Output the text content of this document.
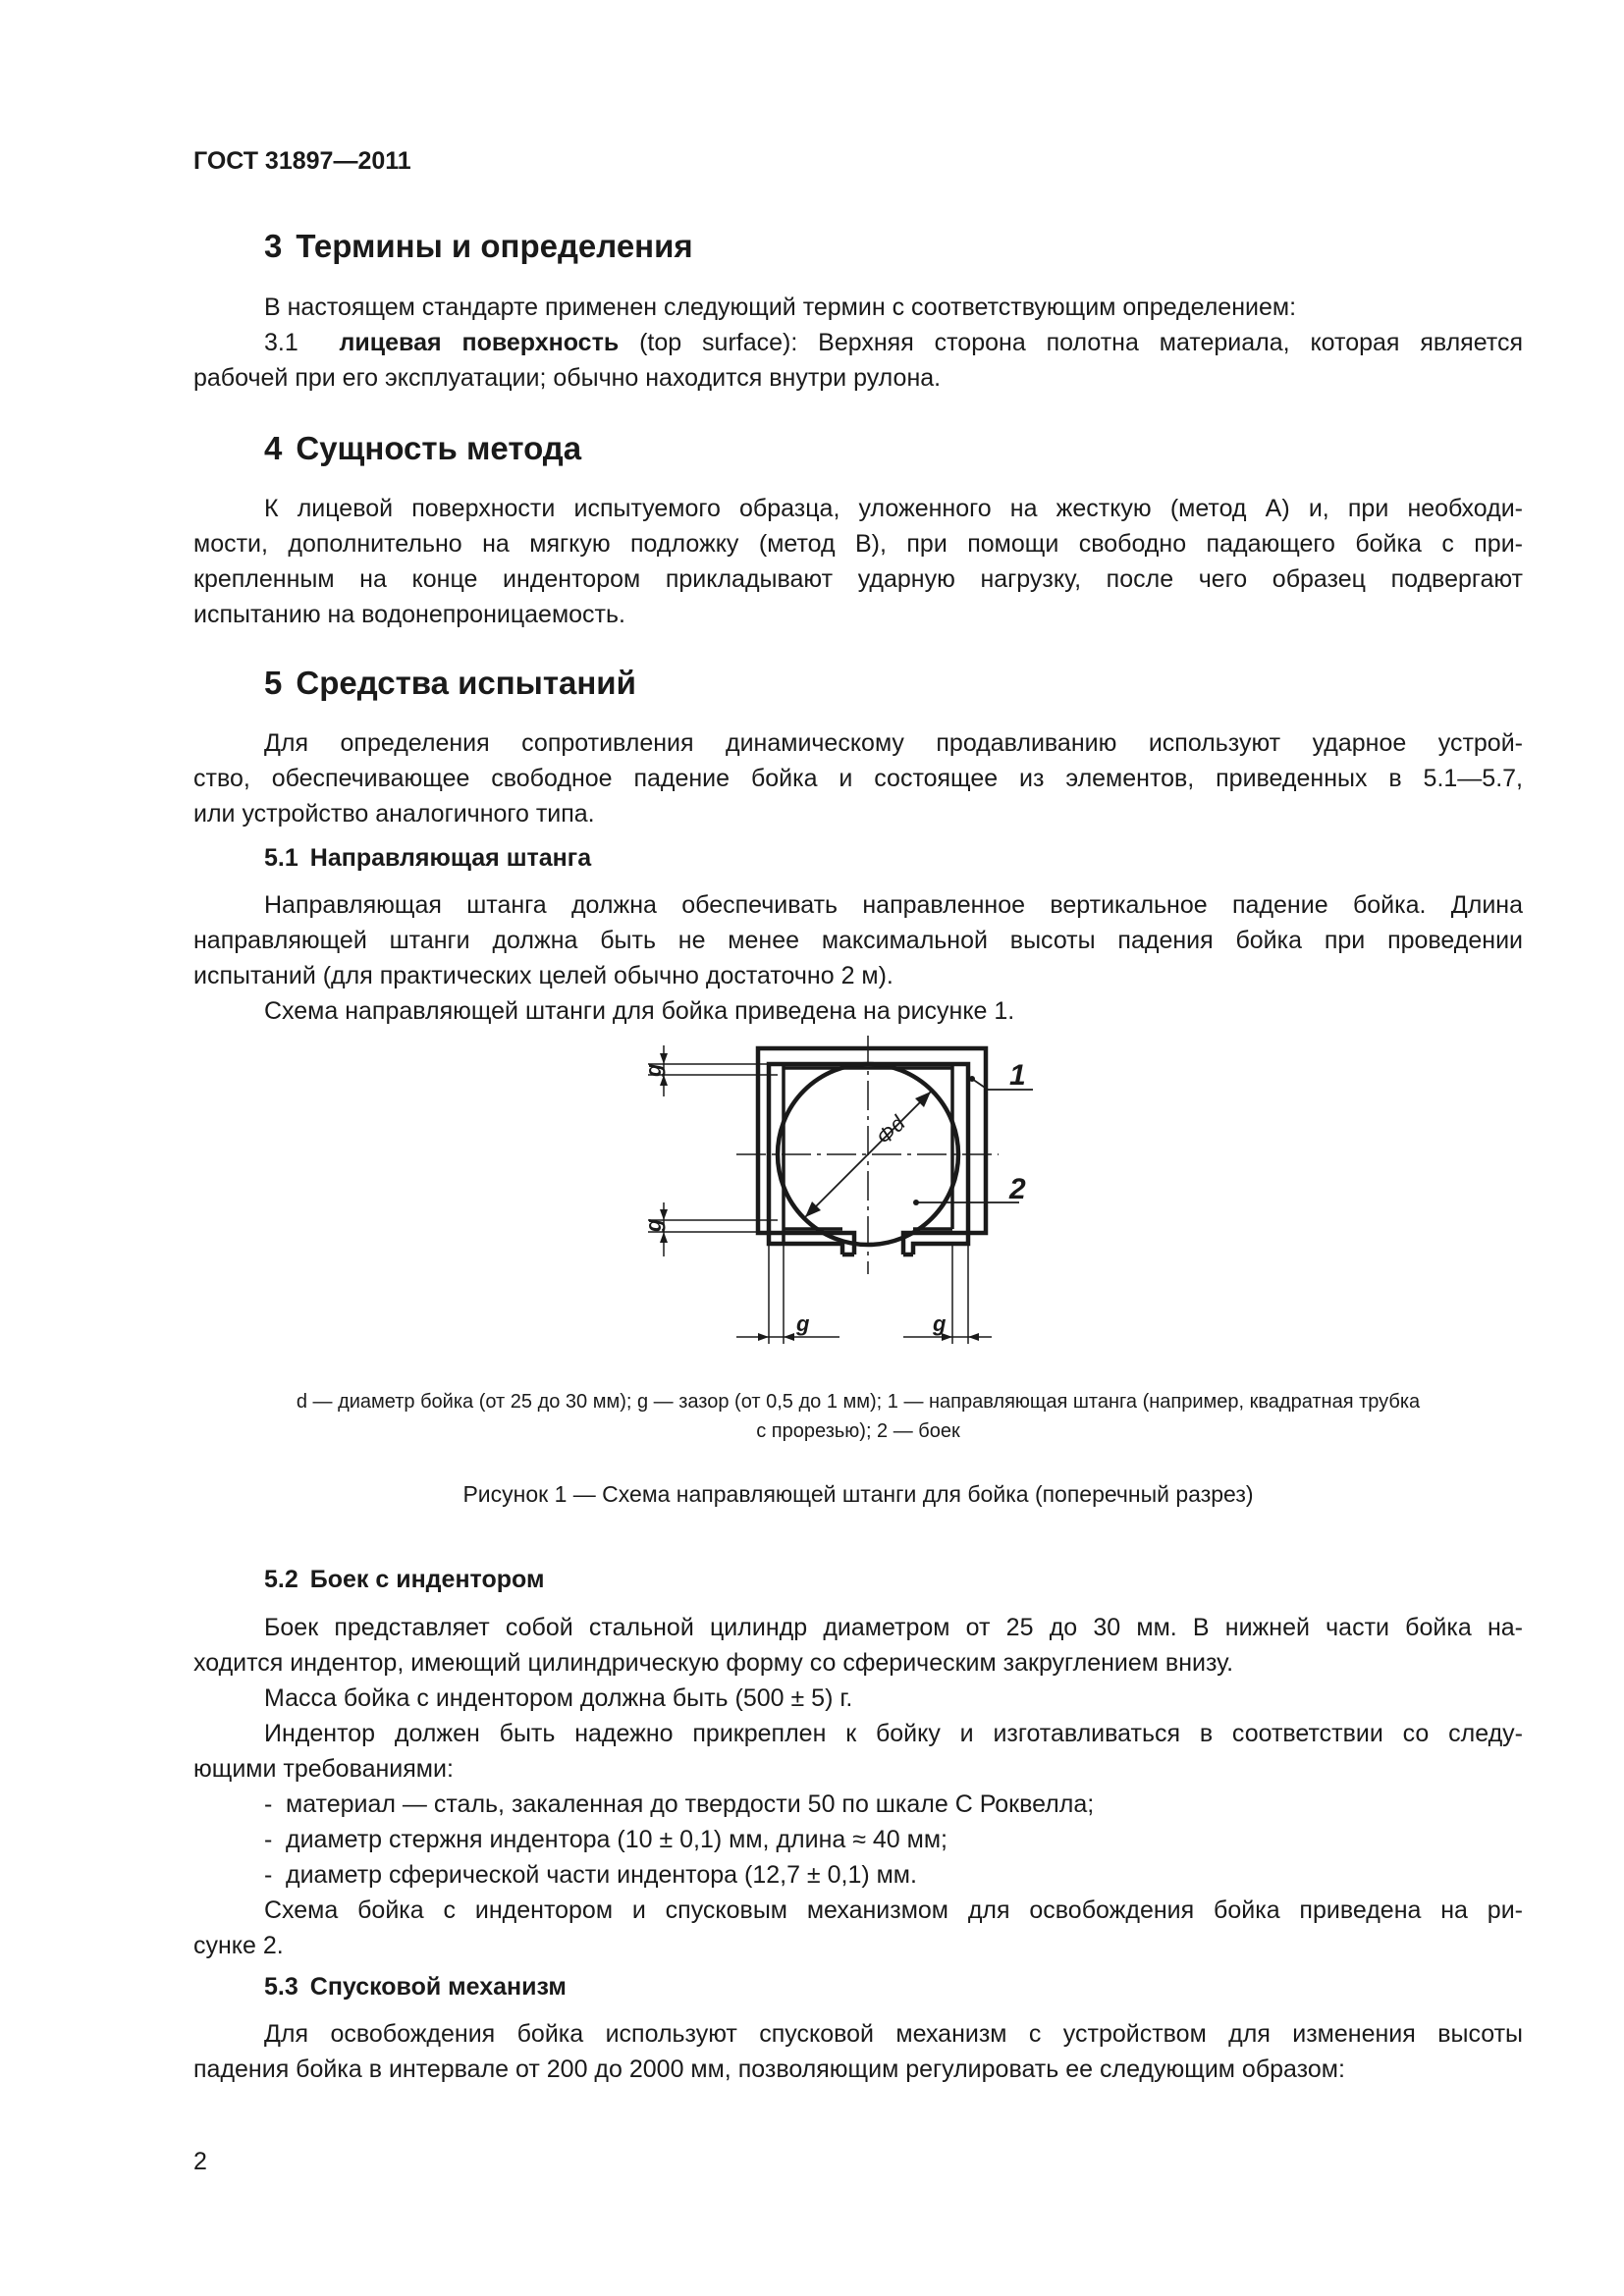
ГОСТ 31897—2011
3 Термины и определения

В настоящем стандарте применен следующий термин с соответствующим определением:

3.1 лицевая поверхность (top surface): Верхняя сторона полотна материала, которая является

рабочей при его эксплуатации; обычно находится внутри рулона.

4 Сущность метода

К лицевой поверхности испытуемого образца, уложенного на жесткую (метод А) и, при необходи-

мости, дополнительно на мягкую подложку (метод В), при помощи свободно падающего бойка с при-

крепленным на конце индентором прикладывают ударную нагрузку, после чего образец подвергают

испытанию на водонепроницаемость.

5 Средства испытаний

Для определения сопротивления динамическому продавливанию используют ударное устрой-

ство, обеспечивающее свободное падение бойка и состоящее из элементов, приведенных в 5.1—5.7,

или устройство аналогичного типа.

5.1 Направляющая штанга

Направляющая штанга должна обеспечивать направленное вертикальное падение бойка. Длина

направляющей штанги должна быть не менее максимальной высоты падения бойка при проведении

испытаний (для практических целей обычно достаточно 2 м).

Схема направляющей штанги для бойка приведена на рисунке 1.

g
g
g	g
Φd
1
2
d — диаметр бойка (от 25 до 30 мм); g — зазор (от 0,5 до 1 мм); 1 — направляющая штанга (например, квадратная трубка
с прорезью); 2 — боек
Рисунок 1 — Схема направляющей штанги для бойка (поперечный разрез)
5.2 Боек с индентором

Боек представляет собой стальной цилиндр диаметром от 25 до 30 мм. В нижней части бойка на-

ходится индентор, имеющий цилиндрическую форму со сферическим закруглением внизу.

Масса бойка с индентором должна быть (500 ± 5) г.

Индентор должен быть надежно прикреплен к бойку и изготавливаться в соответствии со следу-

ющими требованиями:

- материал — сталь, закаленная до твердости 50 по шкале С Роквелла;
- диаметр стержня индентора (10 ± 0,1) мм, длина ≈ 40 мм;
- диаметр сферической части индентора (12,7 ± 0,1) мм.

Схема бойка с индентором и спусковым механизмом для освобождения бойка приведена на ри-

сунке 2.

5.3 Спусковой механизм

Для освобождения бойка используют спусковой механизм с устройством для изменения высоты

падения бойка в интервале от 200 до 2000 мм, позволяющим регулировать ее следующим образом:

2
